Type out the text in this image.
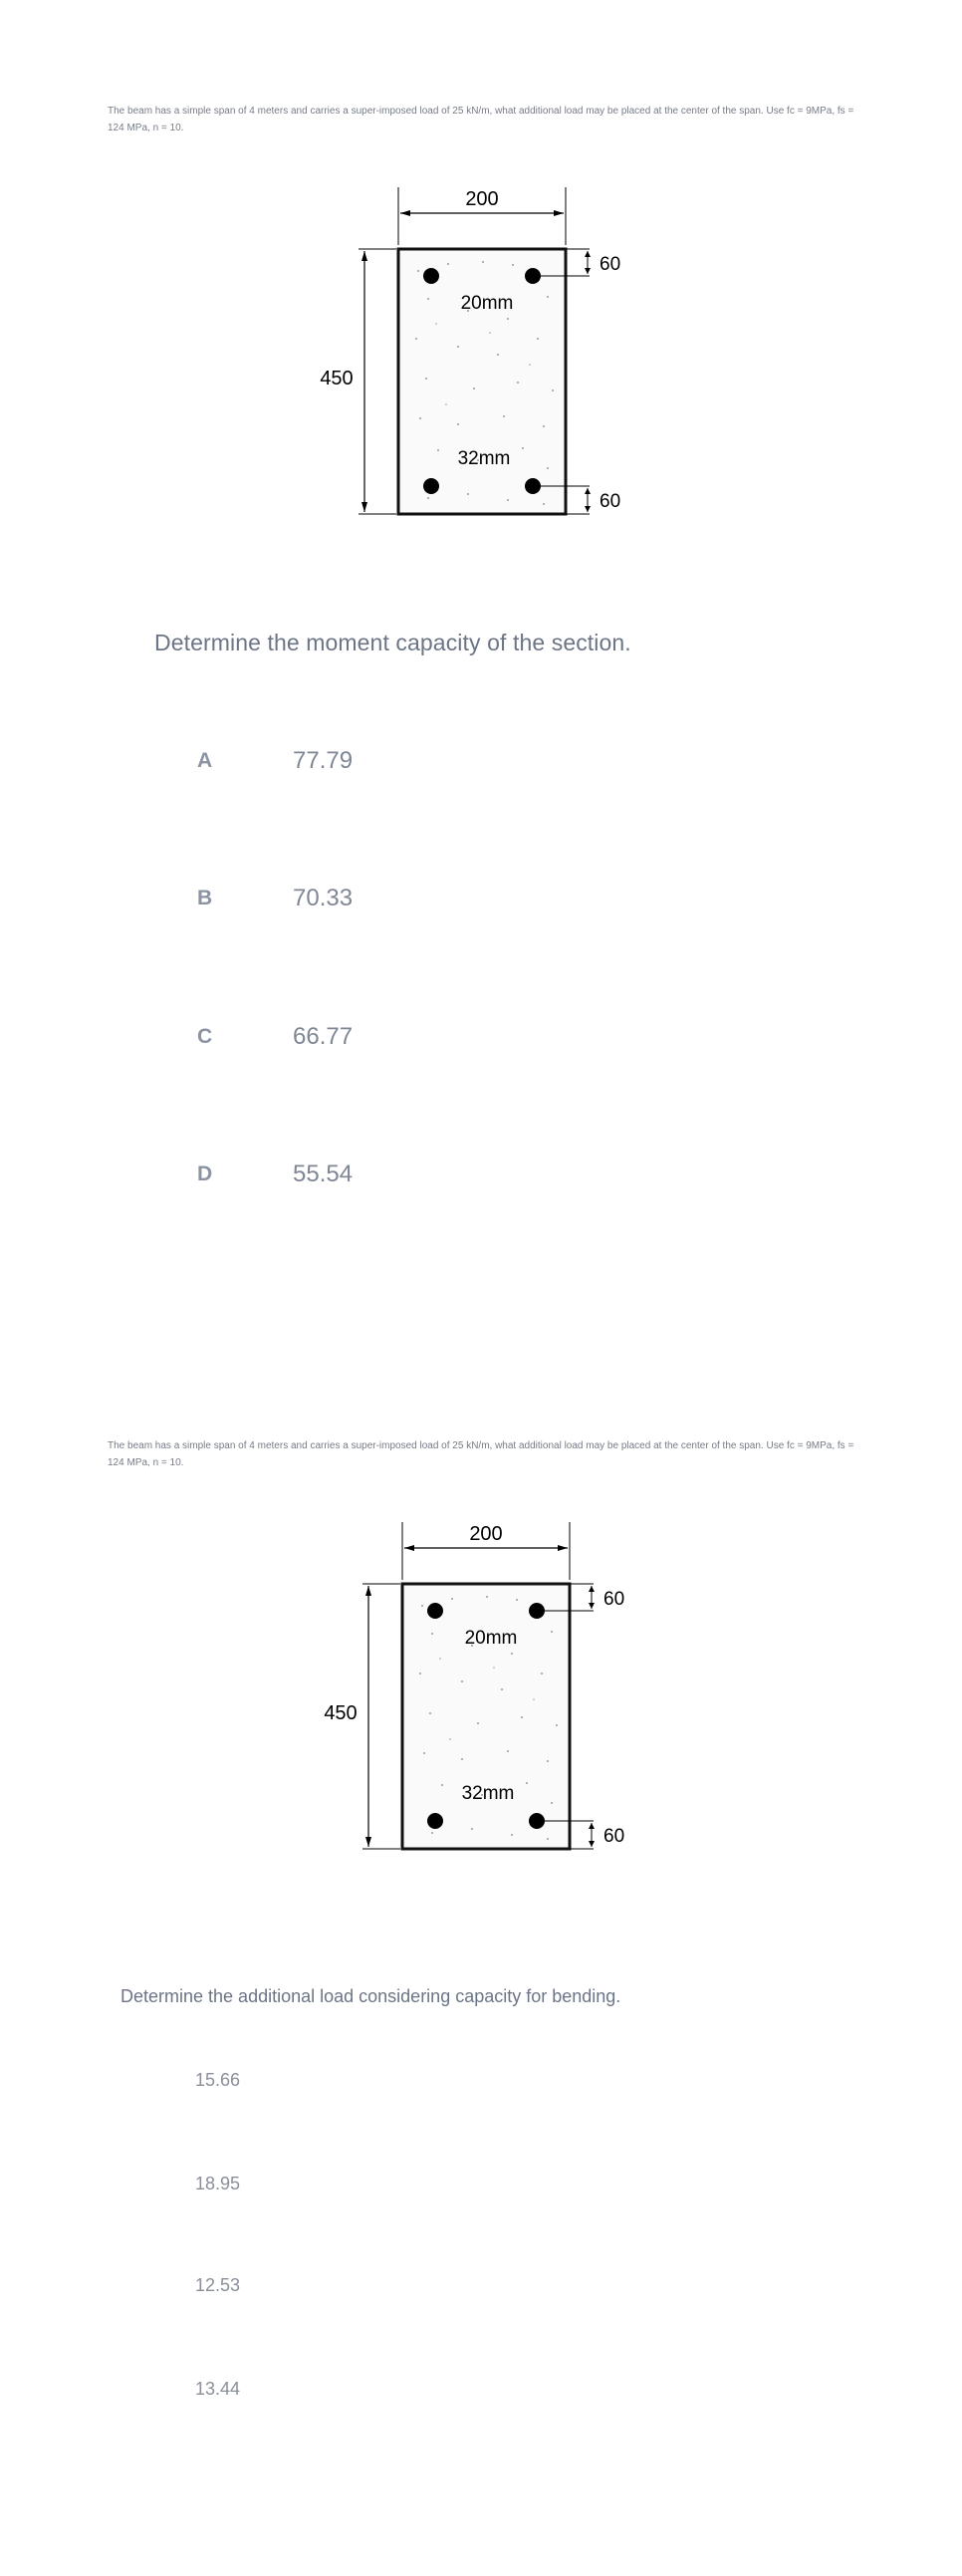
The beam has a simple span of 4 meters and carries a super-imposed load of 25 kN/m, what additional load may be placed at the center of the span. Use fc = 9MPa, fs = 124 MPa, n = 10.
200
450
20mm
32mm
60
60
Determine the moment capacity of the section.
A	77.79
B	70.33
C	66.77
D	55.54
The beam has a simple span of 4 meters and carries a super-imposed load of 25 kN/m, what additional load may be placed at the center of the span. Use fc = 9MPa, fs = 124 MPa, n = 10.
200
450
20mm
32mm
60
60
Determine the additional load considering capacity for bending.
15.66
18.95
12.53
13.44
